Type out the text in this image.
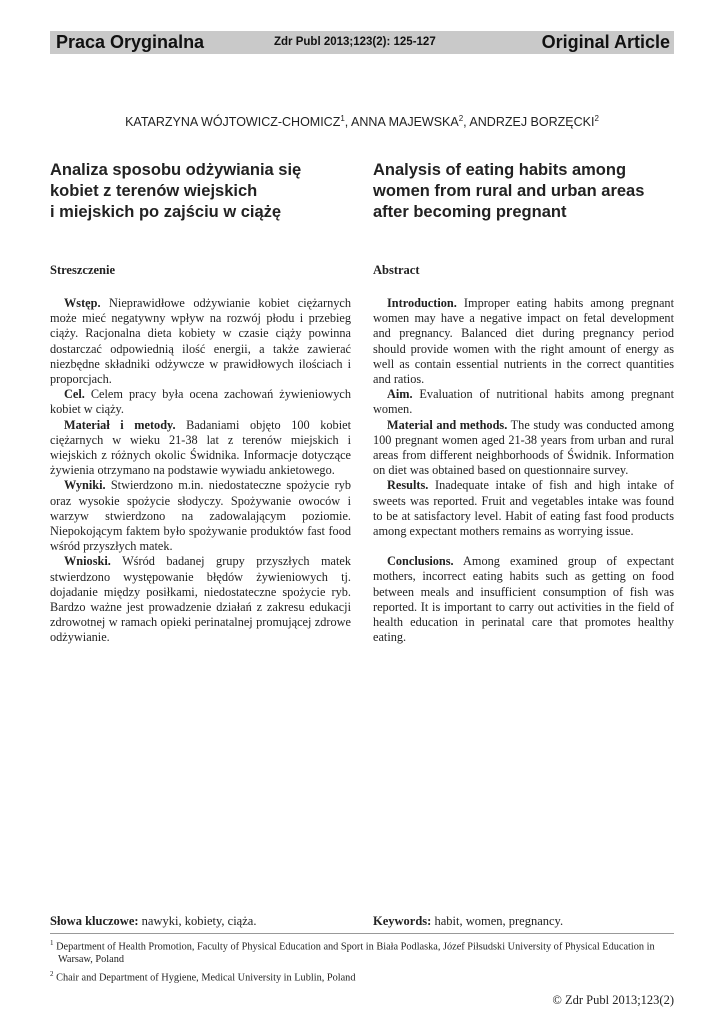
Praca Oryginalna	Zdr Publ 2013;123(2): 125-127	Original Article
KATARZYNA WÓJTOWICZ-CHOMICZ$^1$, ANNA MAJEWSKA$^2$, ANDRZEJ BORZĘCKI$^2$
Analiza sposobu odżywiania się
kobiet z terenów wiejskich
i miejskich po zajściu w ciążę
Analysis of eating habits among
women from rural and urban areas
after becoming pregnant
Streszczenie	Abstract

Wstęp. Nieprawidłowe odżywianie kobiet ciężarnych może mieć negatywny wpływ na rozwój płodu i przebieg ciąży. Racjonalna dieta kobiety w czasie ciąży powinna dostarczać odpowiednią ilość energii, a także zawierać niezbędne składniki odżywcze w prawidłowych ilościach i proporcjach.

Cel. Celem pracy była ocena zachowań żywieniowych kobiet w ciąży.

Materiał i metody. Badaniami objęto 100 kobiet ciężarnych w wieku 21-38 lat z terenów miejskich i wiejskich z różnych okolic Świdnika. Informacje dotyczące żywienia otrzymano na podstawie wywiadu ankietowego.

Wyniki. Stwierdzono m.in. niedostateczne spożycie ryb oraz wysokie spożycie słodyczy. Spożywanie owoców i warzyw stwierdzono na zadowalającym poziomie. Niepokojącym faktem było spożywanie produktów fast food wśród przyszłych matek.

Wnioski. Wśród badanej grupy przyszłych matek stwierdzono występowanie błędów żywieniowych tj. dojadanie między posiłkami, niedostateczne spożycie ryb. Bardzo ważne jest prowadzenie działań z zakresu edukacji zdrowotnej w ramach opieki perinatalnej promującej zdrowe odżywianie.

Introduction. Improper eating habits among pregnant women may have a negative impact on fetal development and pregnancy. Balanced diet during pregnancy period should provide women with the right amount of energy as well as contain essential nutrients in the correct quantities and ratios.

Aim. Evaluation of nutritional habits among pregnant women.

Material and methods. The study was conducted among 100 pregnant women aged 21-38 years from urban and rural areas from different neighborhoods of Świdnik. Information on diet was obtained based on questionnaire survey.

Results. Inadequate intake of fish and high intake of sweets was reported. Fruit and vegetables intake was found to be at satisfactory level. Habit of eating fast food products among expectant mothers remains as worrying issue.

Conclusions. Among examined group of expectant mothers, incorrect eating habits such as getting on food between meals and insufficient consumption of fish was reported. It is important to carry out activities in the field of health education in perinatal care that promotes healthy eating.

Słowa kluczowe: nawyki, kobiety, ciąża.	Keywords: habit, women, pregnancy.

$^1$ Department of Health Promotion, Faculty of Physical Education and Sport in Biała Podlaska, Józef Piłsudski University of Physical Education in Warsaw, Poland

$^2$ Chair and Department of Hygiene, Medical University in Lublin, Poland

© Zdr Publ 2013;123(2)
